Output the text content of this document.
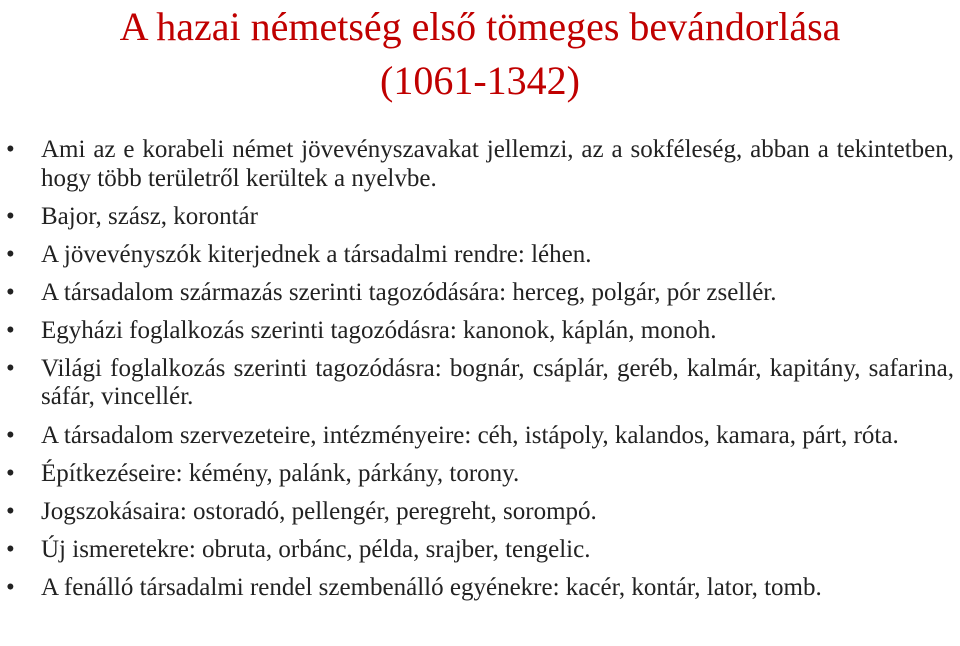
A hazai németség első tömeges bevándorlása
(1061-1342)
• Ami az e korabeli német jövevényszavakat jellemzi, az a sokféleség, abban a tekintetben, hogy több területről kerültek a nyelvbe.
• Bajor, szász, korontár
• A jövevényszók kiterjednek a társadalmi rendre: léhen.
• A társadalom származás szerinti tagozódására: herceg, polgár, pór zsellér.
• Egyházi foglalkozás szerinti tagozódásra: kanonok, káplán, monoh.
• Világi foglalkozás szerinti tagozódásra: bognár, csáplár, geréb, kalmár, kapitány, safarina, sáfár, vincellér.
• A társadalom szervezeteire, intézményeire: céh, istápoly, kalandos, kamara, párt, róta.
• Építkezéseire: kémény, palánk, párkány, torony.
• Jogszokásaira: ostoradó, pellengér, peregreht, sorompó.
• Új ismeretekre: obruta, orbánc, példa, srajber, tengelic.
• A fenálló társadalmi rendel szembenálló egyénekre: kacér, kontár, lator, tomb.
